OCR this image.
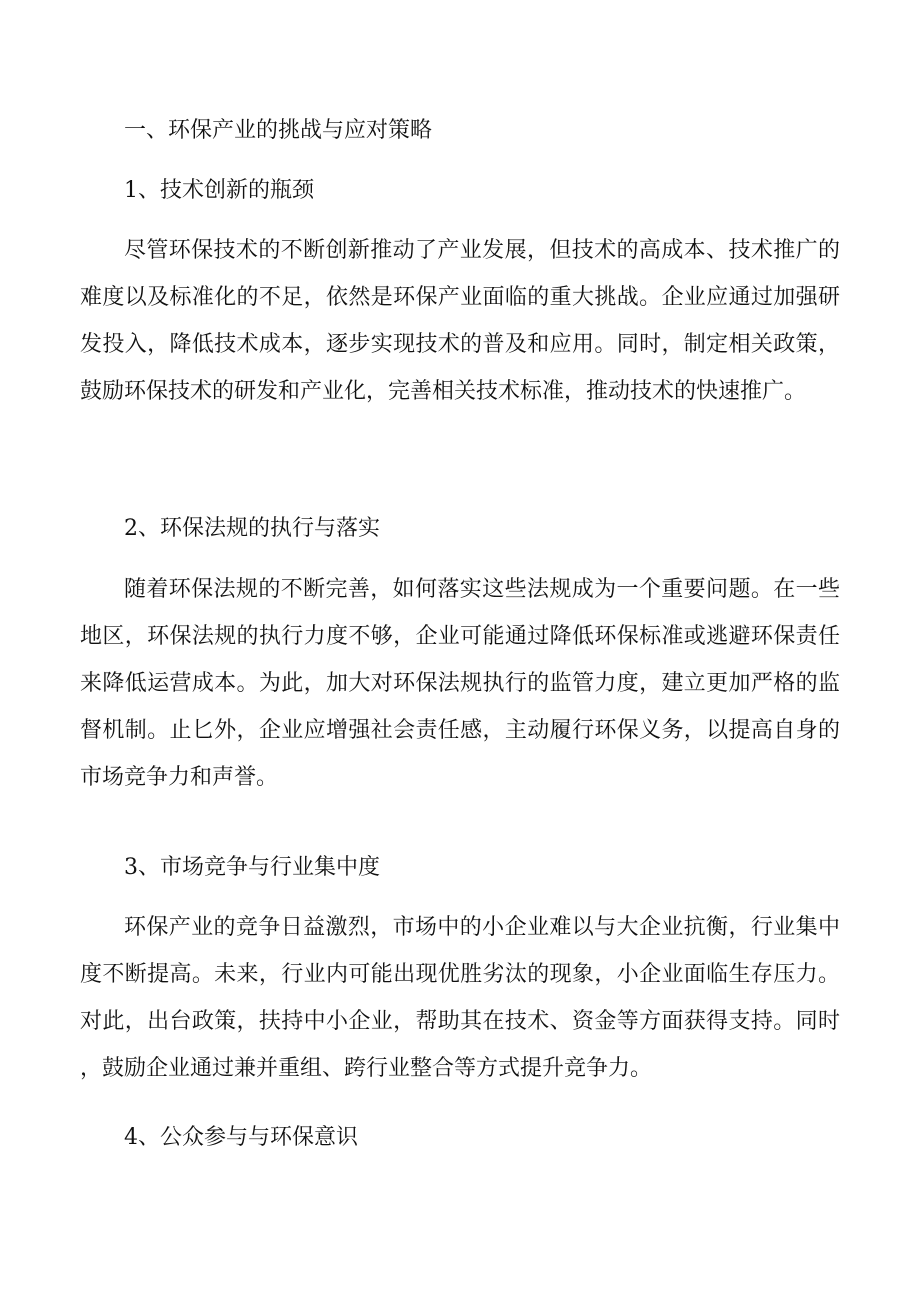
一、环保产业的挑战与应对策略
1、技术创新的瓶颈

尽管环保技术的不断创新推动了产业发展，但技术的高成本、技术推广的难度以及标准化的不足，依然是环保产业面临的重大挑战。企业应通过加强研发投入，降低技术成本，逐步实现技术的普及和应用。同时，制定相关政策，鼓励环保技术的研发和产业化，完善相关技术标准，推动技术的快速推广。

2、环保法规的执行与落实

随着环保法规的不断完善，如何落实这些法规成为一个重要问题。在一些地区，环保法规的执行力度不够，企业可能通过降低环保标准或逃避环保责任来降低运营成本。为此，加大对环保法规执行的监管力度，建立更加严格的监督机制。止匕外，企业应增强社会责任感，主动履行环保义务，以提高自身的市场竞争力和声誉。

3、市场竞争与行业集中度

环保产业的竞争日益激烈，市场中的小企业难以与大企业抗衡，行业集中度不断提高。未来，行业内可能出现优胜劣汰的现象，小企业面临生存压力。对此，出台政策，扶持中小企业，帮助其在技术、资金等方面获得支持。同时，鼓励企业通过兼并重组、跨行业整合等方式提升竞争力。

4、公众参与与环保意识
